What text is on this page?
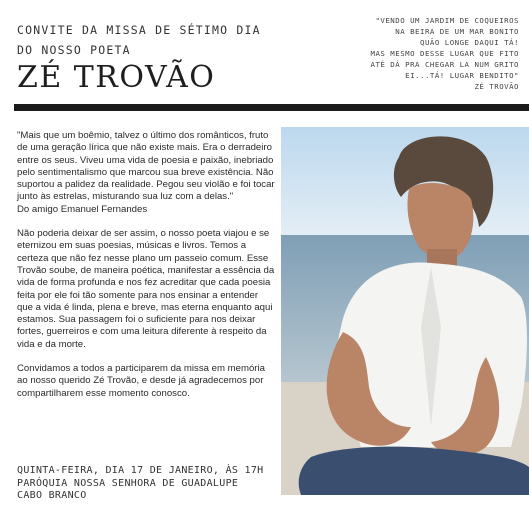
CONVITE DA MISSA DE SÉTIMO DIA
DO NOSSO POETA
ZÉ TROVÃO
"VENDO UM JARDIM DE COQUEIROS
NA BEIRA DE UM MAR BONITO
QUÃO LONGE DAQUI TÁ!
MAS MESMO DESSE LUGAR QUE FITO
ATÉ DÁ PRA CHEGAR LA NUM GRITO
EI...TÁ! LUGAR BENDITO"
ZÉ TROVÃO

"Mais que um boêmio, talvez o último dos românticos, fruto de uma geração lírica que não existe mais. Era o derradeiro entre os seus. Viveu uma vida de poesia e paixão, inebriado pelo sentimentalismo que marcou sua breve existência. Não suportou a palidez da realidade. Pegou seu violão e foi tocar junto às estrelas, misturando sua luz com a delas."

Do amigo Emanuel Fernandes

Não poderia deixar de ser assim, o nosso poeta viajou e se eternizou em suas poesias, músicas e livros. Temos a certeza que não fez nesse plano um passeio comum. Esse Trovão soube, de maneira poética, manifestar a essência da vida de forma profunda e nos fez acreditar que cada poesia feita por ele foi tão somente para nos ensinar a entender que a vida é linda, plena e breve, mas eterna enquanto aqui estamos. Sua passagem foi o suficiente para nos deixar fortes, guerreiros e com uma leitura diferente à respeito da vida e da morte.

Convidamos a todos a participarem da missa em memória ao nosso querido Zé Trovão, e desde já agradecemos por compartilharem esse momento conosco.

QUINTA-FEIRA, DIA 17 DE JANEIRO, ÀS 17H
PARÓQUIA NOSSA SENHORA DE GUADALUPE
CABO BRANCO
